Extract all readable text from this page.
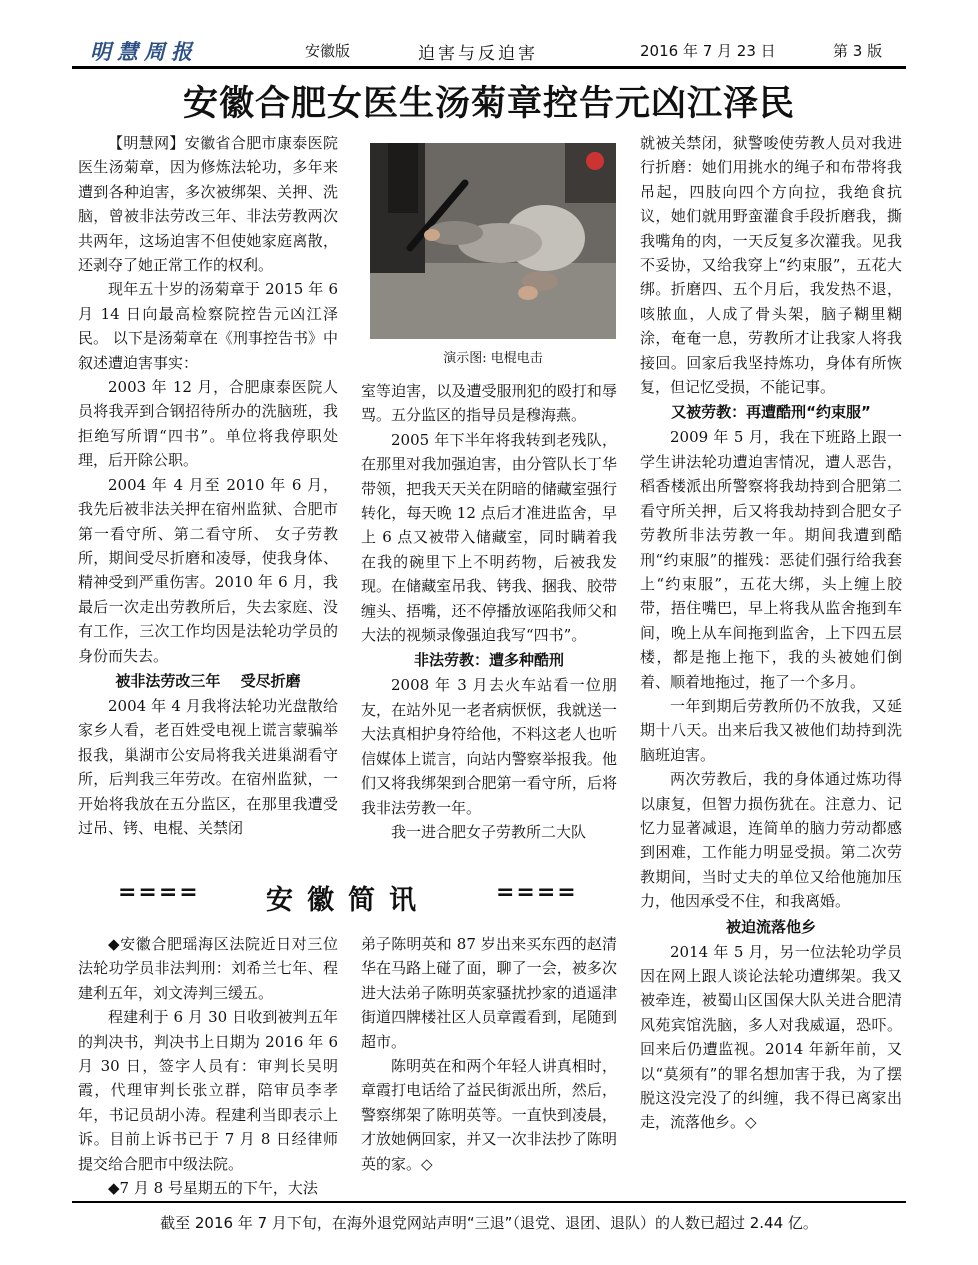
明慧周报	安徽版	迫害与反迫害	2016 年 7 月 23 日	第 3 版
安徽合肥女医生汤菊章控告元凶江泽民

【明慧网】安徽省合肥市康泰医院医生汤菊章，因为修炼法轮功，多年来遭到各种迫害，多次被绑架、关押、洗脑，曾被非法劳改三年、非法劳教两次共两年，这场迫害不但使她家庭离散，还剥夺了她正常工作的权利。

现年五十岁的汤菊章于 2015 年 6 月 14 日向最高检察院控告元凶江泽民。 以下是汤菊章在《刑事控告书》中叙述遭迫害事实：

2003 年 12 月，合肥康泰医院人员将我弄到合钢招待所办的洗脑班，我拒绝写所谓“四书”。单位将我停职处理，后开除公职。

2004 年 4 月至 2010 年 6 月，我先后被非法关押在宿州监狱、合肥市第一看守所、第二看守所、 女子劳教所，期间受尽折磨和凌辱，使我身体、精神受到严重伤害。2010 年 6 月，我最后一次走出劳教所后，失去家庭、没有工作，三次工作均因是法轮功学员的身份而失去。

被非法劳改三年　 受尽折磨

2004 年 4 月我将法轮功光盘散给家乡人看，老百姓受电视上谎言蒙骗举报我，巢湖市公安局将我关进巢湖看守所，后判我三年劳改。在宿州监狱，一开始将我放在五分监区，在那里我遭受过吊、铐、电棍、关禁闭

演示图: 电棍电击

室等迫害，以及遭受服刑犯的殴打和辱骂。五分监区的指导员是穆海燕。

2005 年下半年将我转到老残队，在那里对我加强迫害，由分管队长丁华带领，把我天天关在阴暗的储藏室强行转化，每天晚 12 点后才准进监舍，早上 6 点又被带入储藏室，同时瞒着我在我的碗里下上不明药物，后被我发现。在储藏室吊我、铐我、捆我、胶带缠头、捂嘴，还不停播放诬陷我师父和大法的视频录像强迫我写“四书”。

非法劳教：遭多种酷刑

2008 年 3 月去火车站看一位朋友，在站外见一老者病恹恹，我就送一大法真相护身符给他，不料这老人也听信媒体上谎言，向站内警察举报我。他们又将我绑架到合肥第一看守所，后将我非法劳教一年。

我一进合肥女子劳教所二大队

就被关禁闭，狱警唆使劳教人员对我进行折磨：她们用挑水的绳子和布带将我吊起，四肢向四个方向拉，我绝食抗议，她们就用野蛮灌食手段折磨我，撕我嘴角的肉，一天反复多次灌我。见我不妥协，又给我穿上“约束服”，五花大绑。折磨四、五个月后，我发热不退，咳脓血，人成了骨头架，脑子糊里糊涂，奄奄一息，劳教所才让我家人将我接回。回家后我坚持炼功，身体有所恢复，但记忆受损，不能记事。

又被劳教：再遭酷刑“约束服”

2009 年 5 月，我在下班路上跟一学生讲法轮功遭迫害情况，遭人恶告，稻香楼派出所警察将我劫持到合肥第二看守所关押，后又将我劫持到合肥女子劳教所非法劳教一年。期间我遭到酷刑“约束服”的摧残：恶徒们强行给我套上“约束服”，五花大绑，头上缠上胶带，捂住嘴巴，早上将我从监舍拖到车间，晚上从车间拖到监舍，上下四五层楼，都是拖上拖下，我的头被她们倒着、顺着地拖过，拖了一个多月。

一年到期后劳教所仍不放我，又延期十八天。出来后我又被他们劫持到洗脑班迫害。

两次劳教后，我的身体通过炼功得以康复，但智力损伤犹在。注意力、记忆力显著减退，连简单的脑力劳动都感到困难，工作能力明显受损。第二次劳教期间，当时丈夫的单位又给他施加压力，他因承受不住，和我离婚。

被迫流落他乡

2014 年 5 月，另一位法轮功学员因在网上跟人谈论法轮功遭绑架。我又被牵连，被蜀山区国保大队关进合肥清风苑宾馆洗脑，多人对我威逼，恐吓。回来后仍遭监视。2014 年新年前，又以“莫须有”的罪名想加害于我，为了摆脱这没完没了的纠缠，我不得已离家出走，流落他乡。◇

====	安徽简讯	====

◆安徽合肥瑶海区法院近日对三位法轮功学员非法判刑：刘希兰七年、程建利五年，刘文涛判三缓五。

程建利于 6 月 30 日收到被判五年的判决书，判决书上日期为 2016 年 6 月 30 日，签字人员有：审判长吴明霞，代理审判长张立群，陪审员李孝年，书记员胡小涛。程建利当即表示上诉。目前上诉书已于 7 月 8 日经律师提交给合肥市中级法院。

◆7 月 8 号星期五的下午，大法

弟子陈明英和 87 岁出来买东西的赵清华在马路上碰了面，聊了一会，被多次进大法弟子陈明英家骚扰抄家的逍遥津街道四牌楼社区人员章霞看到，尾随到超市。

陈明英在和两个年轻人讲真相时，章霞打电话给了益民街派出所，然后，警察绑架了陈明英等。一直快到凌晨，才放她俩回家，并又一次非法抄了陈明英的家。◇

截至 2016 年 7 月下旬，在海外退党网站声明“三退”（退党、退团、退队）的人数已超过 2.44 亿。
